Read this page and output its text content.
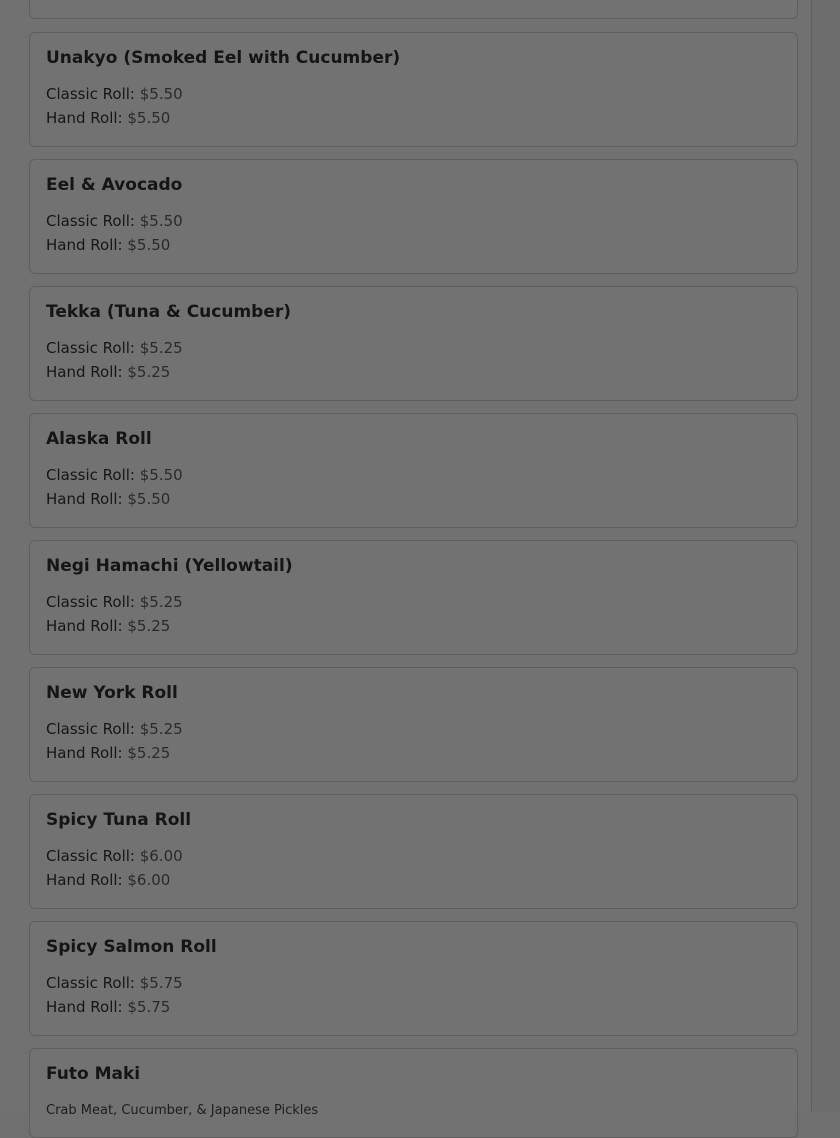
Unakyo (Smoked Eel with Cucumber)
Classic Roll: $5.50
Hand Roll: $5.50
Eel & Avocado
Classic Roll: $5.50
Hand Roll: $5.50
Tekka (Tuna & Cucumber)
Classic Roll: $5.25
Hand Roll: $5.25
Alaska Roll
Classic Roll: $5.50
Hand Roll: $5.50
Negi Hamachi (Yellowtail)
Classic Roll: $5.25
Hand Roll: $5.25
New York Roll
Classic Roll: $5.25
Hand Roll: $5.25
Spicy Tuna Roll
Classic Roll: $6.00
Hand Roll: $6.00
Spicy Salmon Roll
Classic Roll: $5.75
Hand Roll: $5.75
Futo Maki
Crab Meat, Cucumber, & Japanese Pickles
